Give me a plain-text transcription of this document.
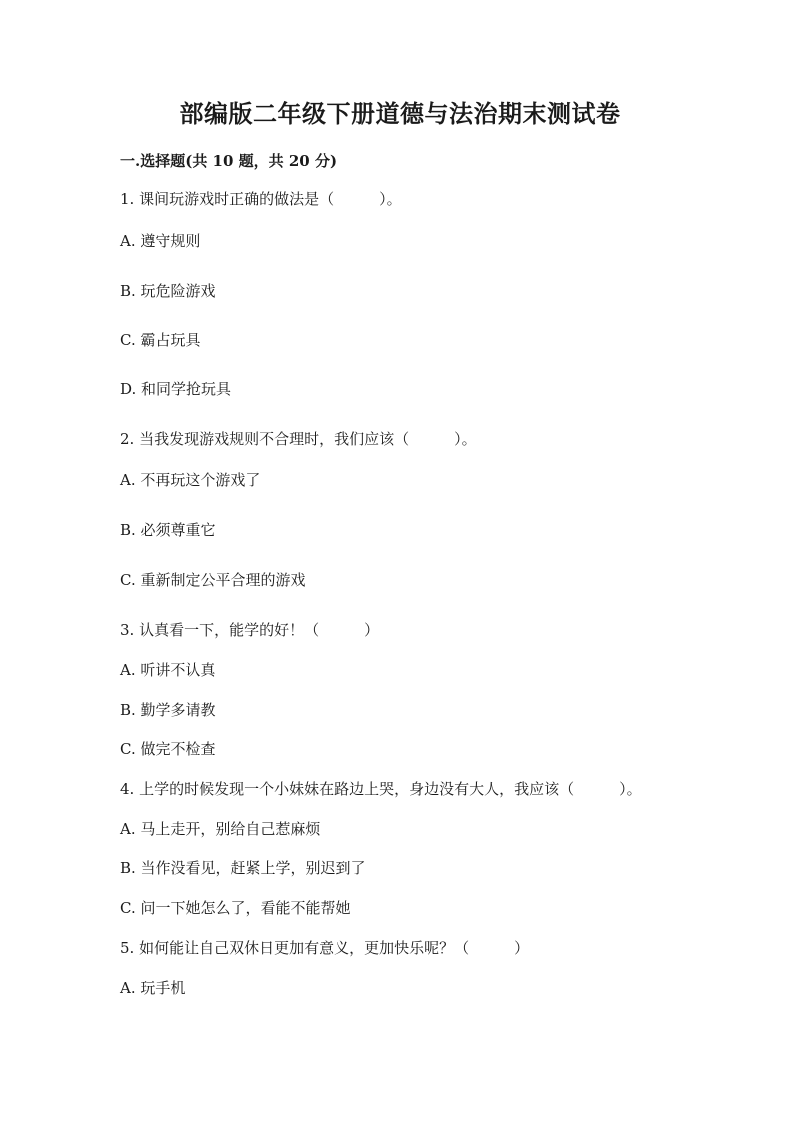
部编版二年级下册道德与法治期末测试卷
一.选择题(共 10 题，共 20 分)
1. 课间玩游戏时正确的做法是（　　　）。
A. 遵守规则
B. 玩危险游戏
C. 霸占玩具
D. 和同学抢玩具
2. 当我发现游戏规则不合理时，我们应该（　　　）。
A. 不再玩这个游戏了
B. 必须尊重它
C. 重新制定公平合理的游戏
3. 认真看一下，能学的好！（　　　）
A. 听讲不认真
B. 勤学多请教
C. 做完不检查
4. 上学的时候发现一个小妹妹在路边上哭，身边没有大人，我应该（　　　）。
A. 马上走开，别给自己惹麻烦
B. 当作没看见，赶紧上学，别迟到了
C. 问一下她怎么了，看能不能帮她
5. 如何能让自己双休日更加有意义，更加快乐呢？（　　　）
A. 玩手机
